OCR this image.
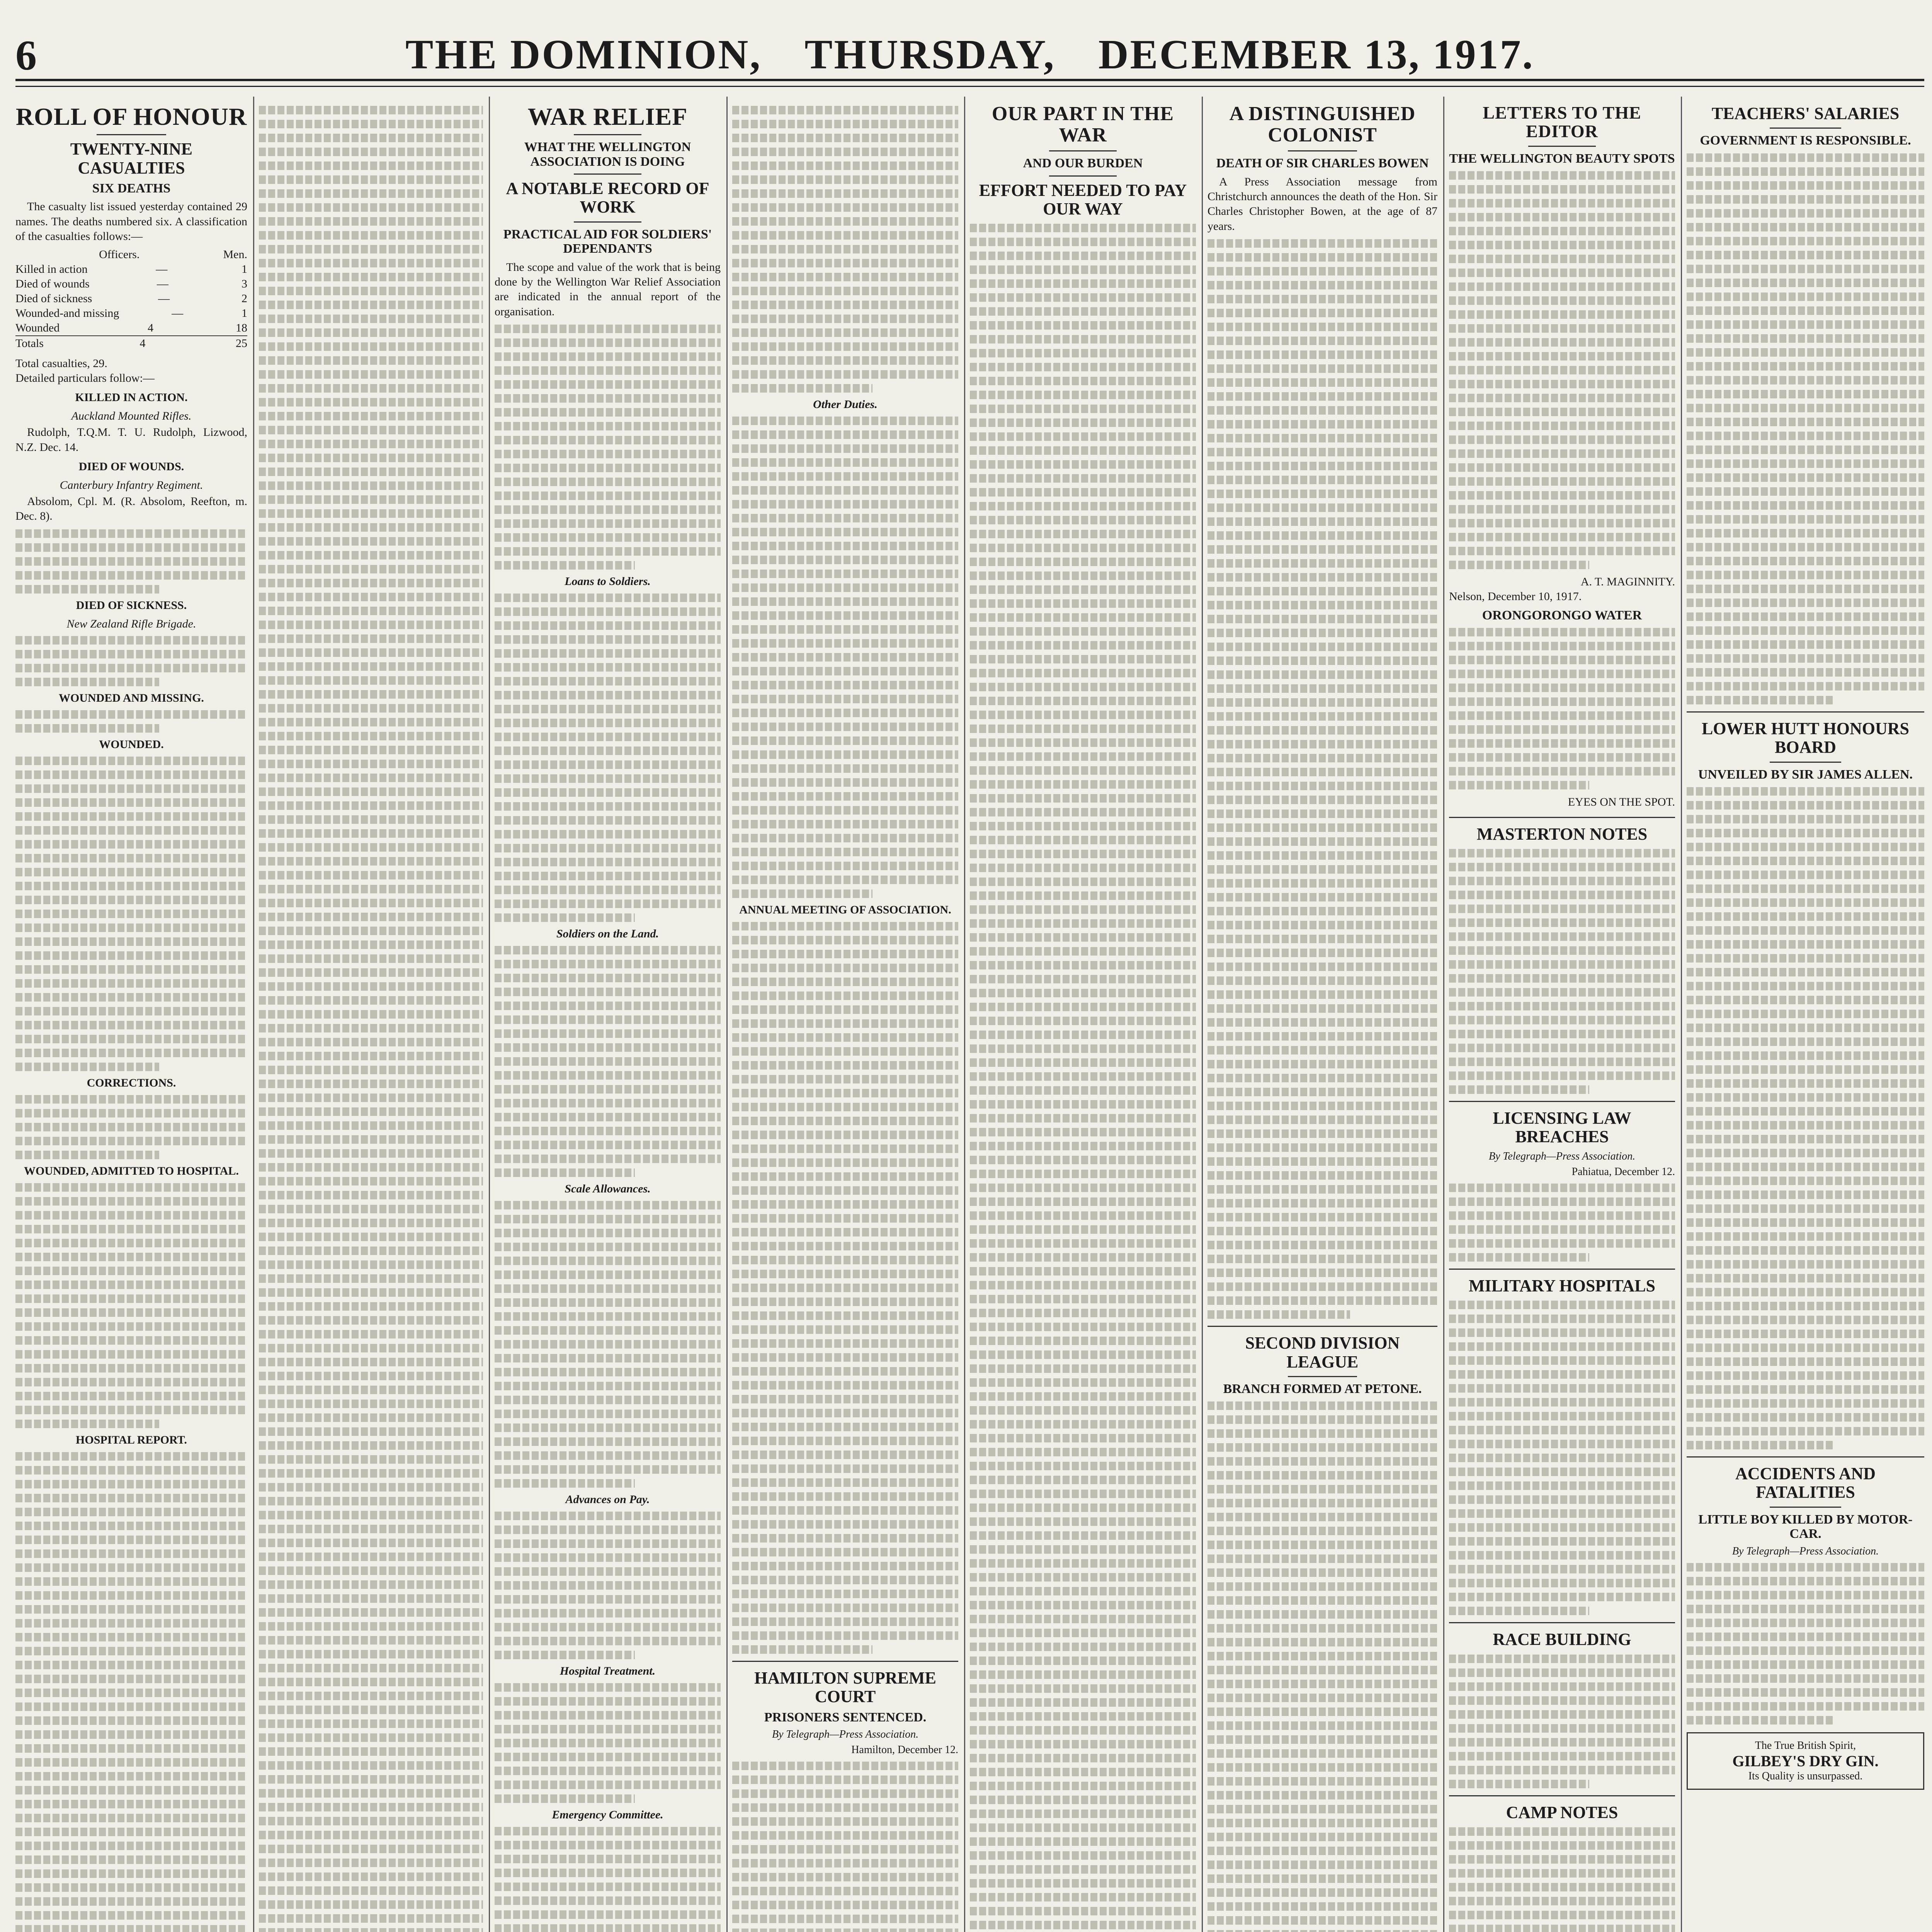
6	THE DOMINION, THURSDAY, DECEMBER 13, 1917.
ROLL OF HONOUR
TWENTY-NINE CASUALTIES
SIX DEATHS

The casualty list issued yesterday contained 29 names. The deaths numbered six. A classification of the casualties follows:—

Officers.	Men.
Killed in action	—	1
Died of wounds	—	3
Died of sickness	—	2
Wounded-and missing	—	1
Wounded	4	18
Totals	4	25
Total casualties, 29.
Detailed particulars follow:—
KILLED IN ACTION.
Auckland Mounted Rifles.

Rudolph, T.Q.M. T. U. Rudolph, Lizwood, N.Z. Dec. 14.

DIED OF WOUNDS.
Canterbury Infantry Regiment.

Absolom, Cpl. M. (R. Absolom, Reefton, m. Dec. 8).

DIED OF SICKNESS.
New Zealand Rifle Brigade.
WOUNDED AND MISSING.
WOUNDED.
CORRECTIONS.
WOUNDED, ADMITTED TO HOSPITAL.
HOSPITAL REPORT.

WAR RELIEF
WHAT THE WELLINGTON ASSOCIATION IS DOING
A NOTABLE RECORD OF WORK
PRACTICAL AID FOR SOLDIERS' DEPENDANTS

The scope and value of the work that is being done by the Wellington War Relief Association are indicated in the annual report of the organisation.

Loans to Soldiers.
Soldiers on the Land.
Scale Allowances.
Advances on Pay.
Hospital Treatment.
Emergency Committee.
Other Duties.
ANNUAL MEETING OF ASSOCIATION.
HAMILTON SUPREME COURT
PRISONERS SENTENCED.
By Telegraph—Press Association.
Hamilton, December 12.
OUR PART IN THE WAR
AND OUR BURDEN
EFFORT NEEDED TO PAY OUR WAY
A DISTINGUISHED COLONIST
DEATH OF SIR CHARLES BOWEN

A Press Association message from Christchurch announces the death of the Hon. Sir Charles Christopher Bowen, at the age of 87 years.

SECOND DIVISION LEAGUE
BRANCH FORMED AT PETONE.
LETTERS TO THE EDITOR
THE WELLINGTON BEAUTY SPOTS
A. T. MAGINNITY.
Nelson, December 10, 1917.
ORONGORONGO WATER
EYES ON THE SPOT.
MASTERTON NOTES
LICENSING LAW BREACHES
By Telegraph—Press Association.
Pahiatua, December 12.
MILITARY HOSPITALS
RACE BUILDING
CAMP NOTES
TEACHERS' SALARIES
GOVERNMENT IS RESPONSIBLE.
LOWER HUTT HONOURS BOARD
UNVEILED BY SIR JAMES ALLEN.
ACCIDENTS AND FATALITIES
LITTLE BOY KILLED BY MOTOR-CAR.
By Telegraph—Press Association.
The True British Spirit,
GILBEY'S DRY GIN.
Its Quality is unsurpassed.
